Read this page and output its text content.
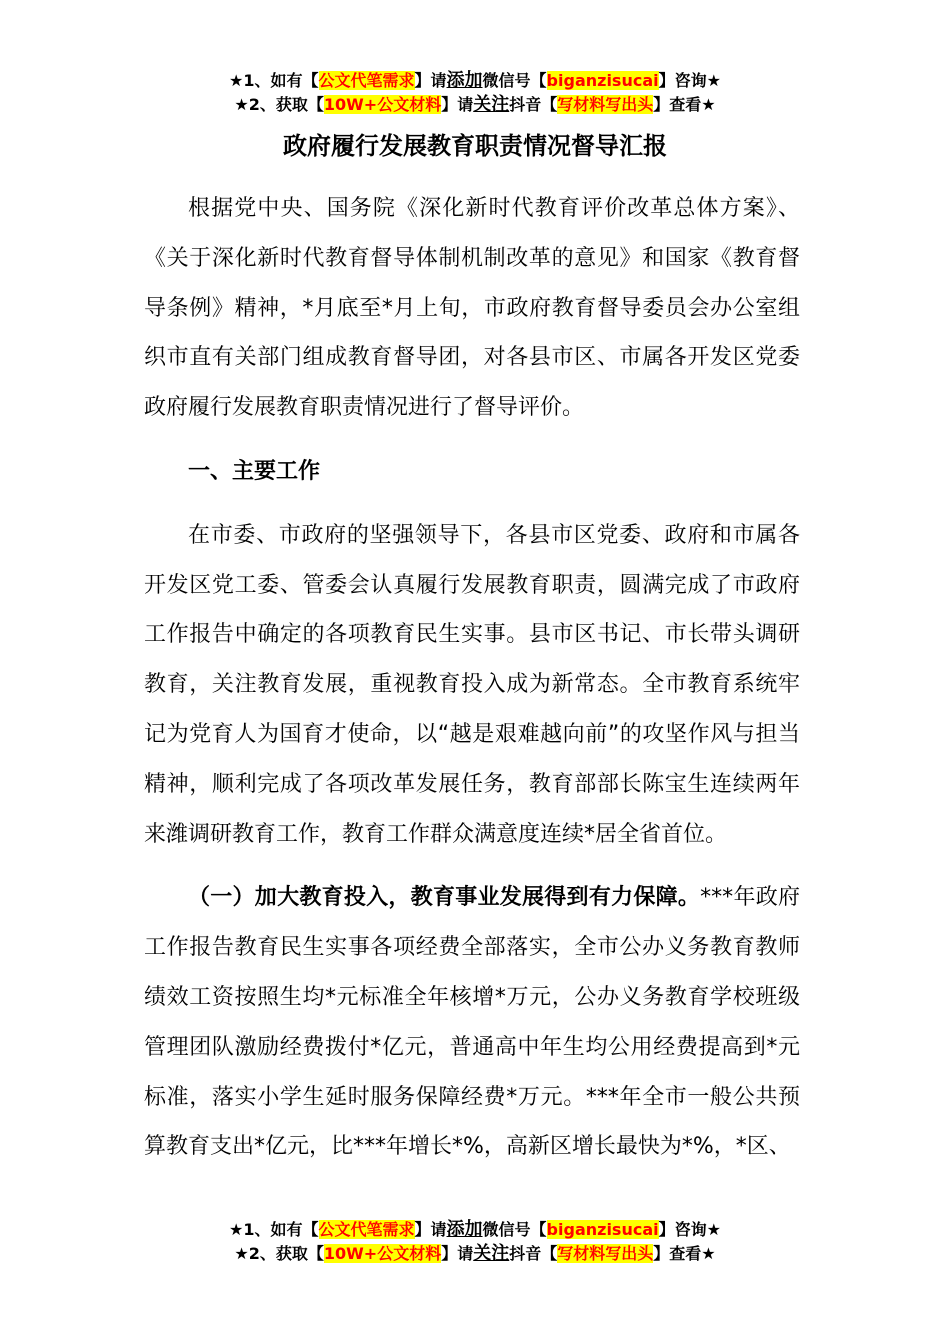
★1、如有【公文代笔需求】请添加微信号【biganzisucai】咨询★
★2、获取【10W+公文材料】请关注抖音【写材料写出头】查看★
政府履行发展教育职责情况督导汇报

根据党中央、国务院《深化新时代教育评价改革总体方案》、《关于深化新时代教育督导体制机制改革的意见》和国家《教育督导条例》精神，*月底至*月上旬，市政府教育督导委员会办公室组织市直有关部门组成教育督导团，对各县市区、市属各开发区党委政府履行发展教育职责情况进行了督导评价。

一、主要工作

在市委、市政府的坚强领导下，各县市区党委、政府和市属各开发区党工委、管委会认真履行发展教育职责，圆满完成了市政府工作报告中确定的各项教育民生实事。县市区书记、市长带头调研教育，关注教育发展，重视教育投入成为新常态。全市教育系统牢记为党育人为国育才使命，以“越是艰难越向前”的攻坚作风与担当精神，顺利完成了各项改革发展任务，教育部部长陈宝生连续两年来潍调研教育工作，教育工作群众满意度连续*居全省首位。

（一）加大教育投入，教育事业发展得到有力保障。***年政府工作报告教育民生实事各项经费全部落实，全市公办义务教育教师绩效工资按照生均*元标准全年核增*万元，公办义务教育学校班级管理团队激励经费拨付*亿元，普通高中年生均公用经费提高到*元标准，落实小学生延时服务保障经费*万元。***年全市一般公共预算教育支出*亿元，比***年增长*%，高新区增长最快为*%，*区、

★1、如有【公文代笔需求】请添加微信号【biganzisucai】咨询★
★2、获取【10W+公文材料】请关注抖音【写材料写出头】查看★
